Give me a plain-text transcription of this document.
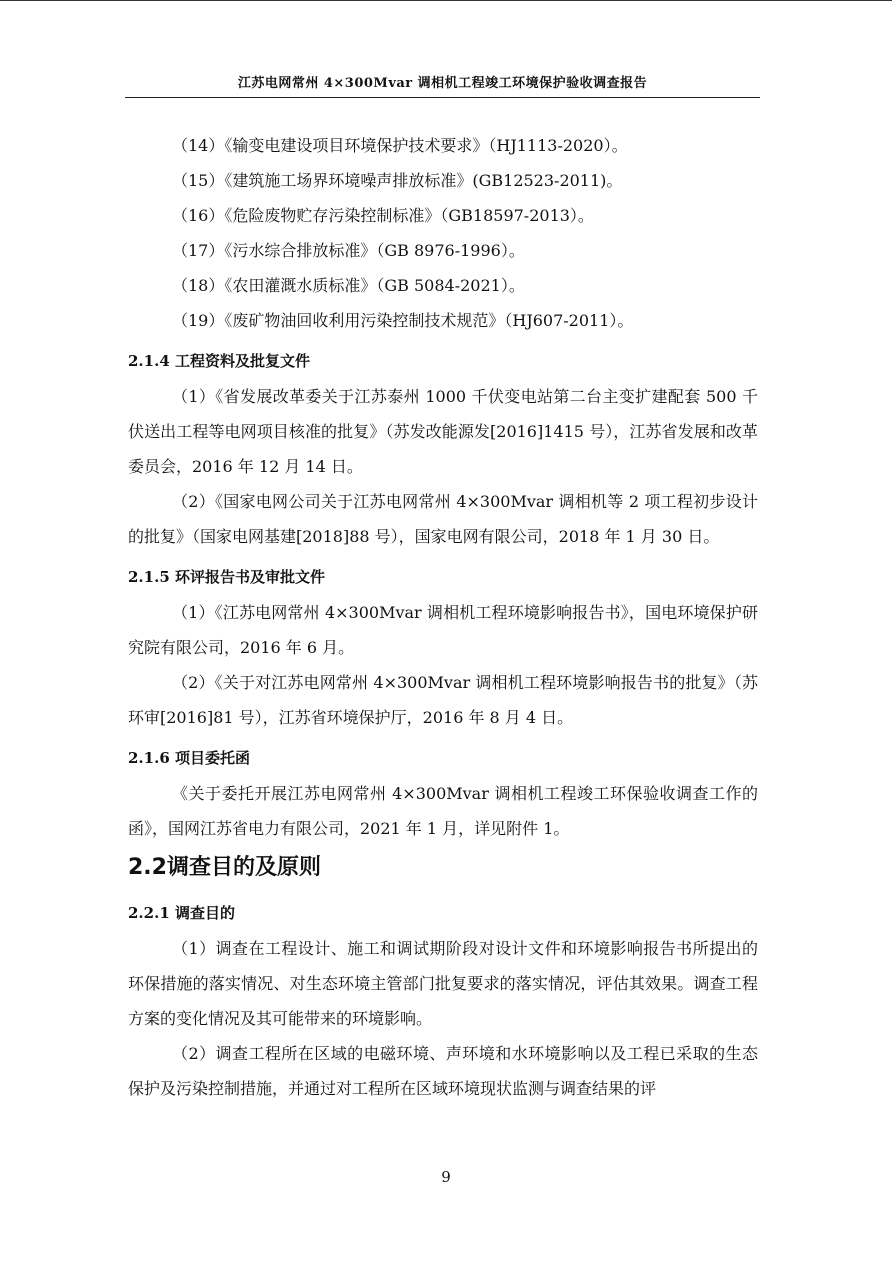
江苏电网常州 4×300Mvar 调相机工程竣工环境保护验收调查报告

（14）《输变电建设项目环境保护技术要求》（HJ1113-2020）。

（15）《建筑施工场界环境噪声排放标准》(GB12523-2011)。

（16）《危险废物贮存污染控制标准》（GB18597-2013）。

（17）《污水综合排放标准》（GB 8976-1996）。

（18）《农田灌溉水质标准》（GB 5084-2021）。

（19）《废矿物油回收利用污染控制技术规范》（HJ607-2011）。

2.1.4 工程资料及批复文件

（1）《省发展改革委关于江苏泰州 1000 千伏变电站第二台主变扩建配套 500 千伏送出工程等电网项目核准的批复》（苏发改能源发[2016]1415 号），江苏省发展和改革委员会，2016 年 12 月 14 日。

（2）《国家电网公司关于江苏电网常州 4×300Mvar 调相机等 2 项工程初步设计的批复》（国家电网基建[2018]88 号），国家电网有限公司，2018 年 1 月 30 日。

2.1.5 环评报告书及审批文件

（1）《江苏电网常州 4×300Mvar 调相机工程环境影响报告书》，国电环境保护研究院有限公司，2016 年 6 月。

（2）《关于对江苏电网常州 4×300Mvar 调相机工程环境影响报告书的批复》（苏环审[2016]81 号），江苏省环境保护厅，2016 年 8 月 4 日。

2.1.6 项目委托函

《关于委托开展江苏电网常州 4×300Mvar 调相机工程竣工环保验收调查工作的函》，国网江苏省电力有限公司，2021 年 1 月，详见附件 1。

2.2调查目的及原则

2.2.1 调查目的

（1）调查在工程设计、施工和调试期阶段对设计文件和环境影响报告书所提出的环保措施的落实情况、对生态环境主管部门批复要求的落实情况，评估其效果。调查工程方案的变化情况及其可能带来的环境影响。

（2）调查工程所在区域的电磁环境、声环境和水环境影响以及工程已采取的生态保护及污染控制措施，并通过对工程所在区域环境现状监测与调查结果的评

9
